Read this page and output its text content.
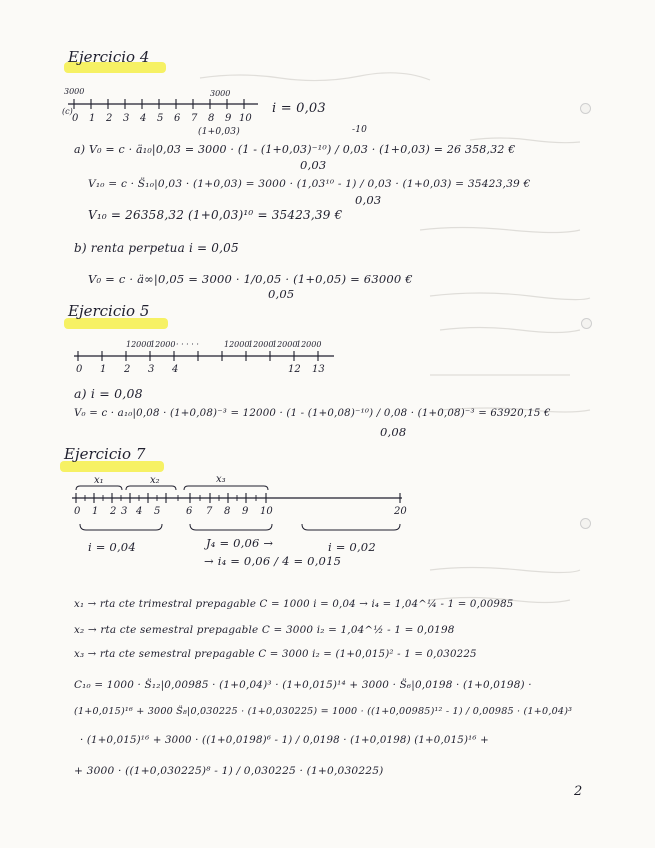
Ejercicio 4
3000	3000
(c)
0 1 2 3 4 5 6 7 8 9 10
i = 0,03
(1+0,03)	-10
a) V₀ = c · ä₁₀|0,03 = 3000 · (1 - (1+0,03)⁻¹⁰) / 0,03 · (1+0,03) = 26 358,32 €
0,03
V₁₀ = c · S̈₁₀|0,03 · (1+0,03) = 3000 · (1,03¹⁰ - 1) / 0,03 · (1+0,03) = 35423,39 €
0,03
V₁₀ = 26358,32 (1+0,03)¹⁰ = 35423,39 €
b) renta perpetua i = 0,05
V₀ = c · ä∞|0,05 = 3000 · 1/0,05 · (1+0,05) = 63000 €
0,05
Ejercicio 5
12000
12000 · · · · ·	12000
12000
12000
12000
0 1 2 3 4	12 13
a) i = 0,08
V₀ = c · a₁₀|0,08 · (1+0,08)⁻³ = 12000 · (1 - (1+0,08)⁻¹⁰) / 0,08 · (1+0,08)⁻³ = 63920,15 €
0,08
Ejercicio 7
x₁	x₂	x₃
0 1 2 3 4 5	6 7 8 9 10	20
i = 0,04	J₄ = 0,06 →
→ i₄ = 0,06 / 4 = 0,015
i = 0,02
x₁ → rta cte trimestral prepagable C = 1000 i = 0,04 → i₄ = 1,04^¼ - 1 = 0,00985
x₂ → rta cte semestral prepagable C = 3000 i₂ = 1,04^½ - 1 = 0,0198
x₃ → rta cte semestral prepagable C = 3000 i₂ = (1+0,015)² - 1 = 0,030225
C₁₀ = 1000 · S̈₁₂|0,00985 · (1+0,04)³ · (1+0,015)¹⁴ + 3000 · S̈₆|0,0198 · (1+0,0198) ·
(1+0,015)¹⁶ + 3000 S̈₈|0,030225 · (1+0,030225) = 1000 · ((1+0,00985)¹² - 1) / 0,00985 · (1+0,04)³
· (1+0,015)¹⁶ + 3000 · ((1+0,0198)⁶ - 1) / 0,0198 · (1+0,0198) (1+0,015)¹⁶ +
+ 3000 · ((1+0,030225)⁸ - 1) / 0,030225 · (1+0,030225)
2
